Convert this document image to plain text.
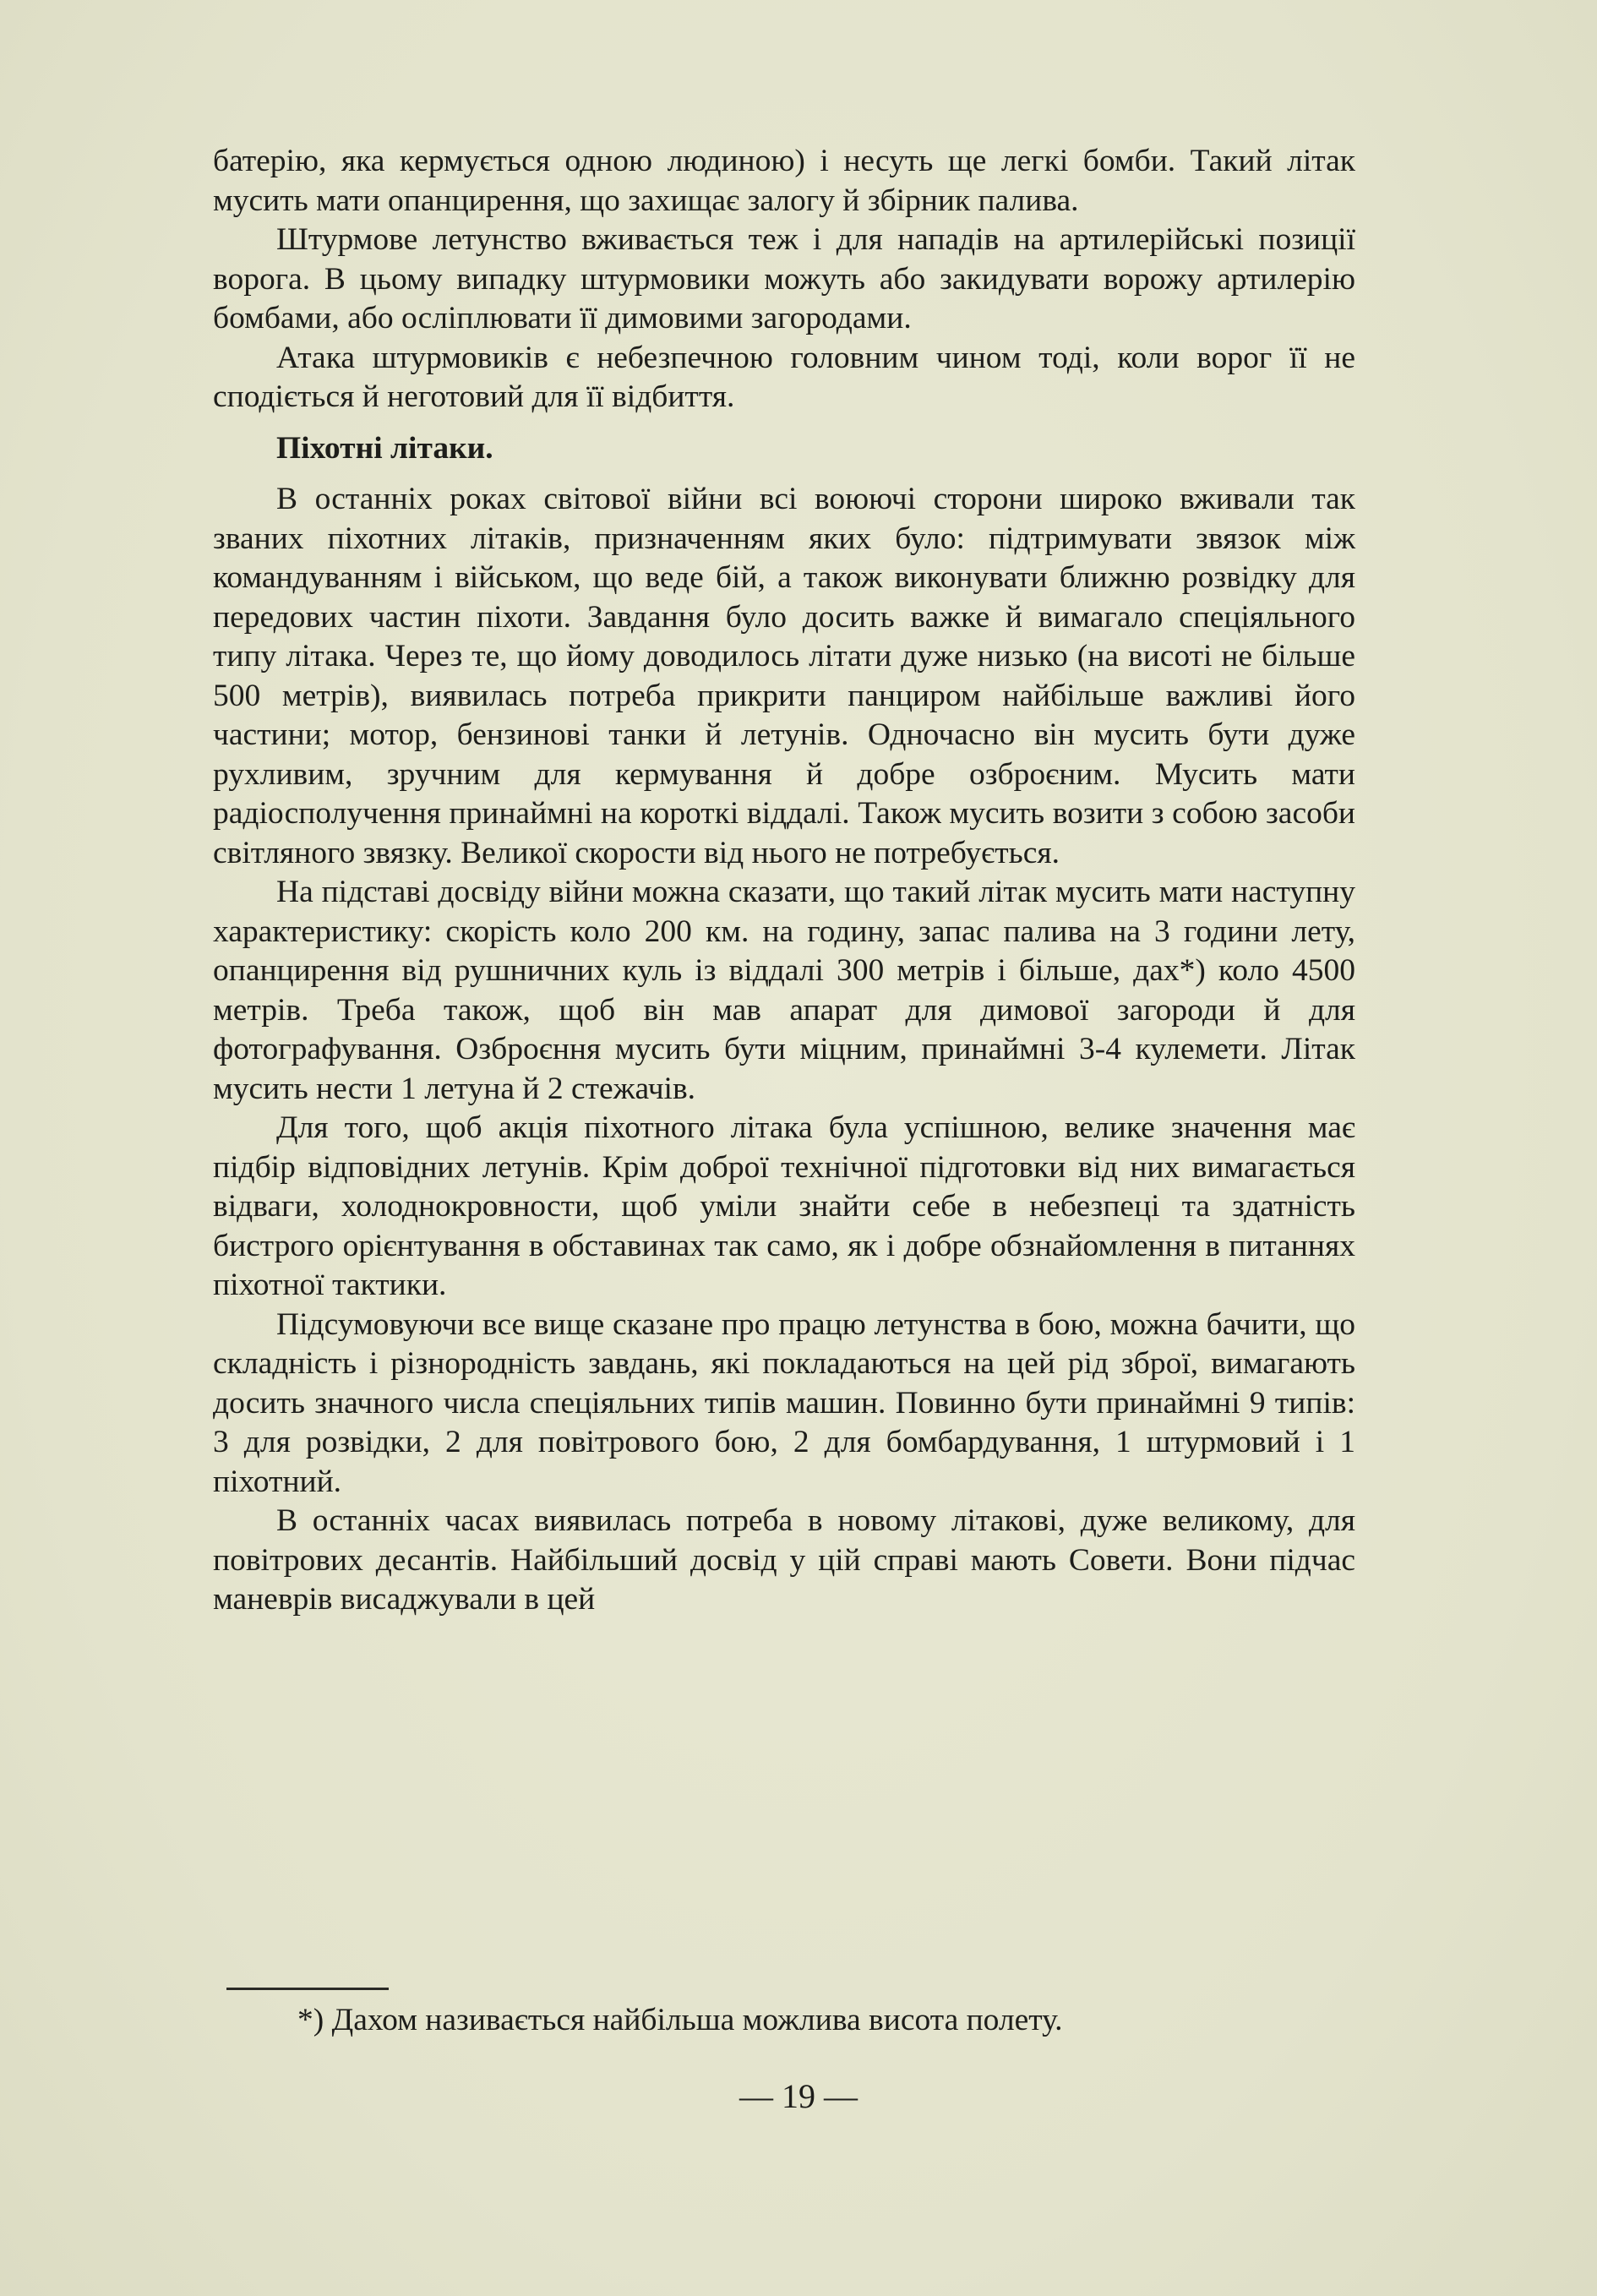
батерію, яка кермується одною людиною) і несуть ще легкі бомби. Такий літак мусить мати опанцирення, що захищає залогу й збірник палива.

Штурмове летунство вживається теж і для нападів на артилерійські позиції ворога. В цьому випадку штурмовики можуть або закидувати ворожу артилерію бомбами, або осліплювати її димовими загородами.

Атака штурмовиків є небезпечною головним чином тоді, коли ворог її не сподіється й неготовий для її відбиття.

Піхотні літаки.

В останніх роках світової війни всі воюючі сторони широко вживали так званих піхотних літаків, призначенням яких було: підтримувати звязок між командуванням і військом, що веде бій, а також виконувати ближню розвідку для передових частин піхоти. Завдання було досить важке й вимагало спеціяльного типу літака. Через те, що йому доводилось літати дуже низько (на висоті не більше 500 метрів), виявилась потреба прикрити панциром найбільше важливі його частини; мотор, бензинові танки й летунів. Одночасно він мусить бути дуже рухливим, зручним для кермування й добре озброєним. Мусить мати радіосполучення принаймні на короткі віддалі. Також мусить возити з собою засоби світляного звязку. Великої скорости від нього не потребується.

На підставі досвіду війни можна сказати, що такий літак мусить мати наступну характеристику: скорість коло 200 км. на годину, запас палива на 3 години лету, опанцирення від рушничних куль із віддалі 300 метрів і більше, дах*) коло 4500 метрів. Треба також, щоб він мав апарат для димової загороди й для фотографування. Озброєння мусить бути міцним, принаймні 3-4 кулемети. Літак мусить нести 1 летуна й 2 стежачів.

Для того, щоб акція піхотного літака була успішною, велике значення має підбір відповідних летунів. Крім доброї технічної підготовки від них вимагається відваги, холоднокровности, щоб уміли знайти себе в небезпеці та здатність бистрого орієнтування в обставинах так само, як і добре обзнайомлення в питаннях піхотної тактики.

Підсумовуючи все вище сказане про працю летунства в бою, можна бачити, що складність і різнородність завдань, які покладаються на цей рід зброї, вимагають досить значного числа спеціяльних типів машин. Повинно бути принаймні 9 типів: 3 для розвідки, 2 для повітрового бою, 2 для бомбардування, 1 штурмовий і 1 піхотний.

В останніх часах виявилась потреба в новому літакові, дуже великому, для повітрових десантів. Найбільший досвід у цій справі мають Совети. Вони підчас маневрів висаджували в цей

*) Дахом називається найбільша можлива висота полету.
— 19 —
